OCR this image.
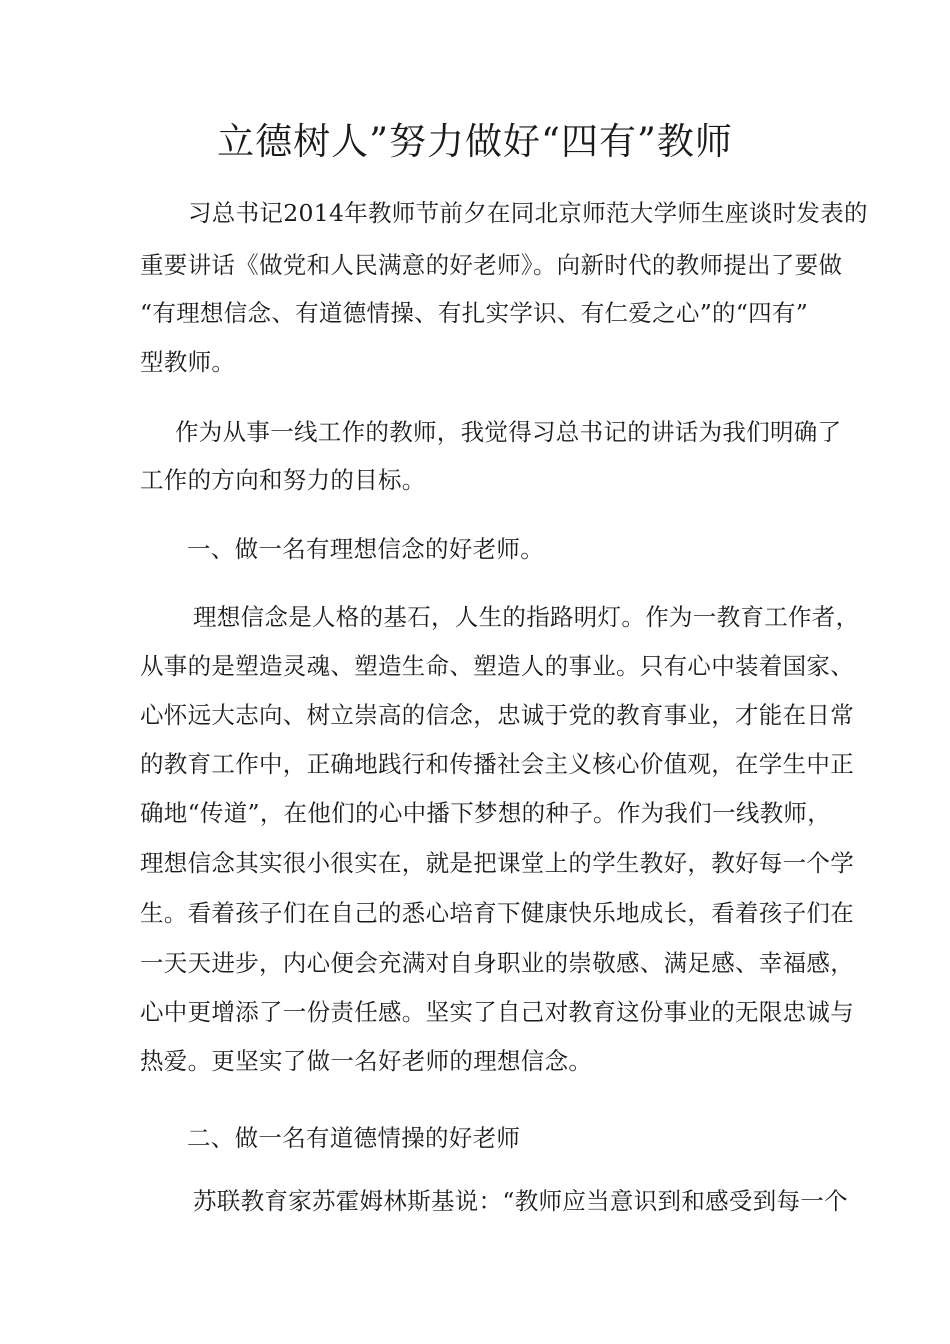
立德树人”努力做好“四有”教师
习总书记2014年教师节前夕在同北京师范大学师生座谈时发表的
重要讲话《做党和人民满意的好老师》。向新时代的教师提出了要做
“有理想信念、有道德情操、有扎实学识、有仁爱之心”的“四有”
型教师。
作为从事一线工作的教师，我觉得习总书记的讲话为我们明确了
工作的方向和努力的目标。
一、做一名有理想信念的好老师。
理想信念是人格的基石，人生的指路明灯。作为一教育工作者，
从事的是塑造灵魂、塑造生命、塑造人的事业。只有心中装着国家、
心怀远大志向、树立崇高的信念，忠诚于党的教育事业，才能在日常
的教育工作中，正确地践行和传播社会主义核心价值观，在学生中正
确地“传道”，在他们的心中播下梦想的种子。作为我们一线教师，
理想信念其实很小很实在，就是把课堂上的学生教好，教好每一个学
生。看着孩子们在自己的悉心培育下健康快乐地成长，看着孩子们在
一天天进步，内心便会充满对自身职业的崇敬感、满足感、幸福感，
心中更增添了一份责任感。坚实了自己对教育这份事业的无限忠诚与
热爱。更坚实了做一名好老师的理想信念。
二、做一名有道德情操的好老师
苏联教育家苏霍姆林斯基说：“教师应当意识到和感受到每一个
